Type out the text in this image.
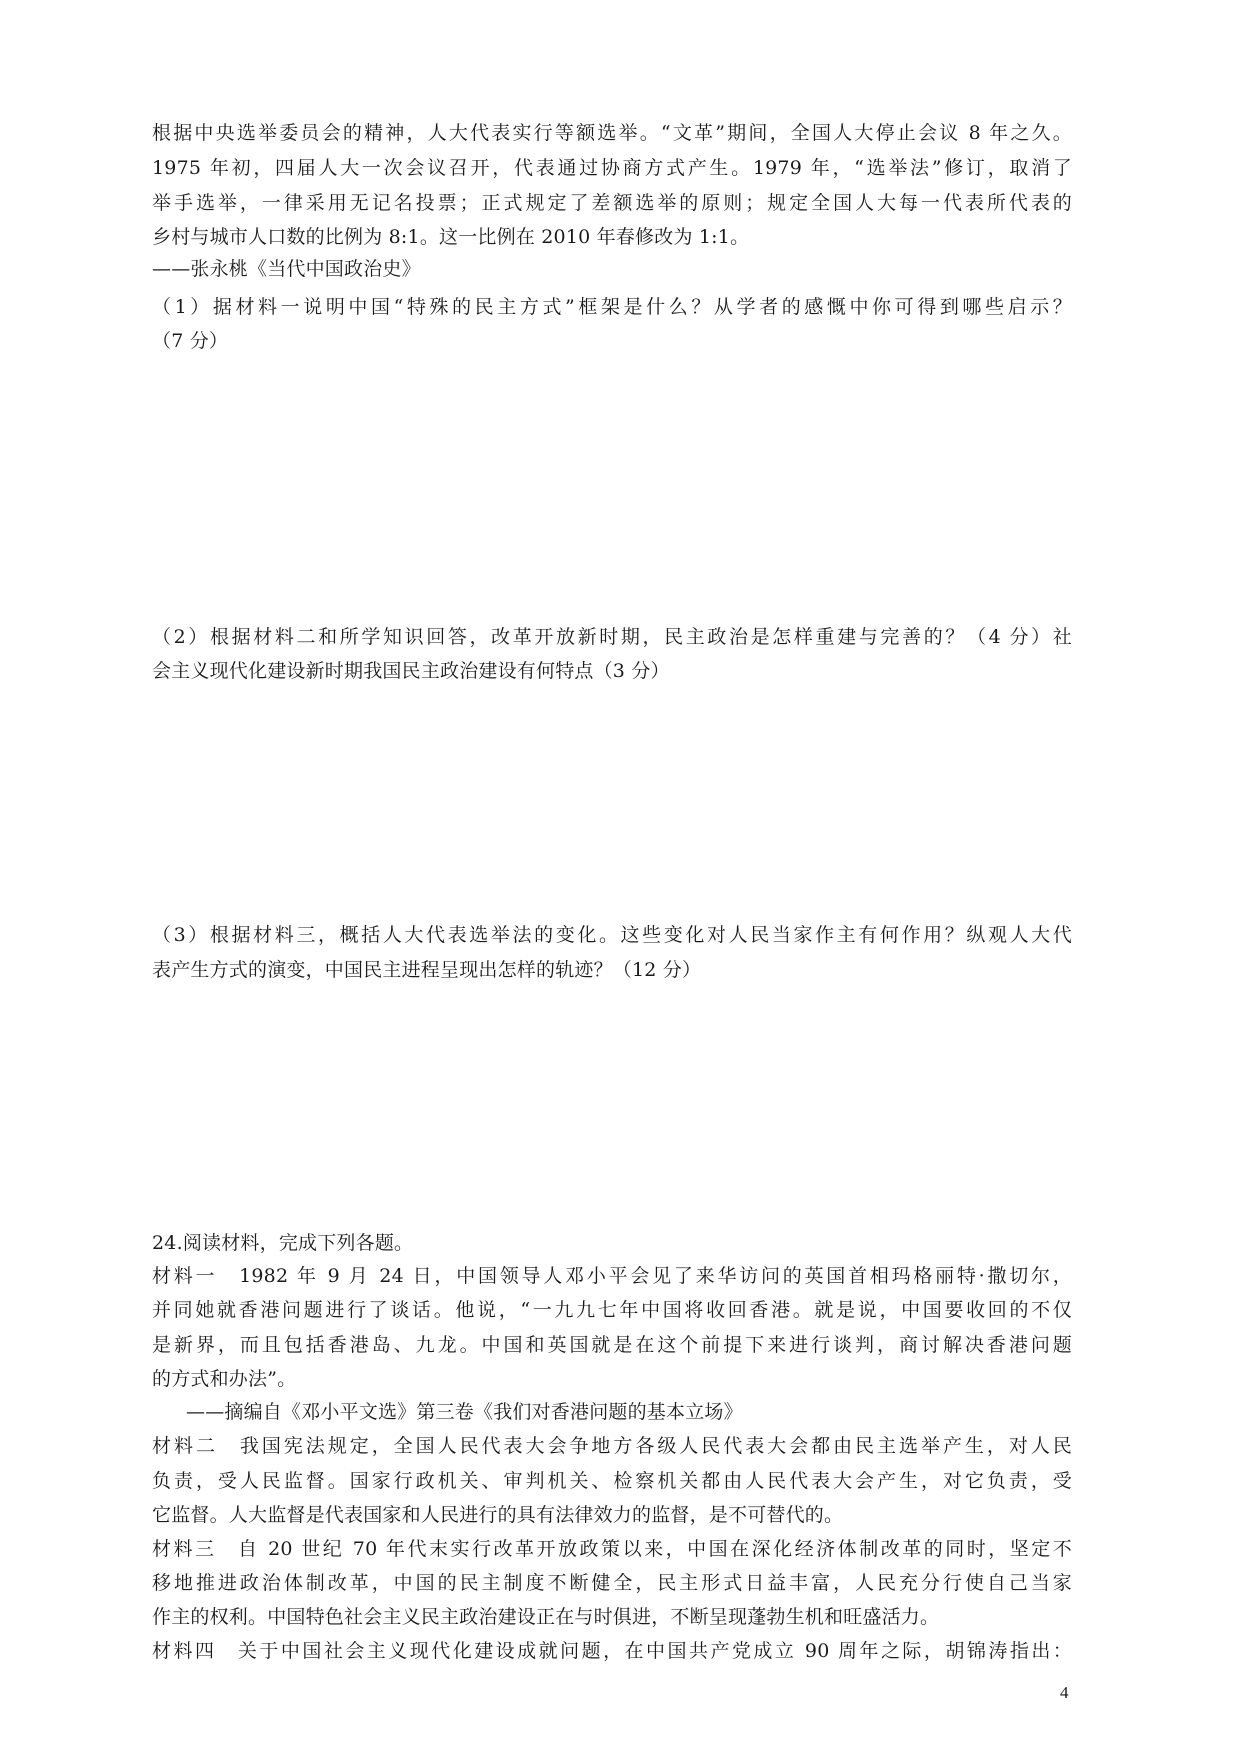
根据中央选举委员会的精神，人大代表实行等额选举。“文革”期间，全国人大停止会议 8 年之久。
1975 年初，四届人大一次会议召开，代表通过协商方式产生。1979 年，“选举法”修订，取消了
举手选举，一律采用无记名投票；正式规定了差额选举的原则；规定全国人大每一代表所代表的
乡村与城市人口数的比例为 8:1。这一比例在 2010 年春修改为 1:1。
——张永桃《当代中国政治史》
（1）据材料一说明中国“特殊的民主方式”框架是什么？从学者的感慨中你可得到哪些启示？
（7 分）
（2）根据材料二和所学知识回答，改革开放新时期，民主政治是怎样重建与完善的？（4 分）社
会主义现代化建设新时期我国民主政治建设有何特点（3 分）
（3）根据材料三，概括人大代表选举法的变化。这些变化对人民当家作主有何作用？纵观人大代
表产生方式的演变，中国民主进程呈现出怎样的轨迹？（12 分）
24.阅读材料，完成下列各题。
材料一　1982 年 9 月 24 日，中国领导人邓小平会见了来华访问的英国首相玛格丽特·撒切尔，
并同她就香港问题进行了谈话。他说，“一九九七年中国将收回香港。就是说，中国要收回的不仅
是新界，而且包括香港岛、九龙。中国和英国就是在这个前提下来进行谈判，商讨解决香港问题
的方式和办法”。
——摘编自《邓小平文选》第三卷《我们对香港问题的基本立场》
材料二　我国宪法规定，全国人民代表大会争地方各级人民代表大会都由民主选举产生，对人民
负责，受人民监督。国家行政机关、审判机关、检察机关都由人民代表大会产生，对它负责，受
它监督。人大监督是代表国家和人民进行的具有法律效力的监督，是不可替代的。
材料三　自 20 世纪 70 年代末实行改革开放政策以来，中国在深化经济体制改革的同时，坚定不
移地推进政治体制改革，中国的民主制度不断健全，民主形式日益丰富，人民充分行使自己当家
作主的权利。中国特色社会主义民主政治建设正在与时俱进，不断呈现蓬勃生机和旺盛活力。
材料四　关于中国社会主义现代化建设成就问题，在中国共产党成立 90 周年之际，胡锦涛指出：
4
